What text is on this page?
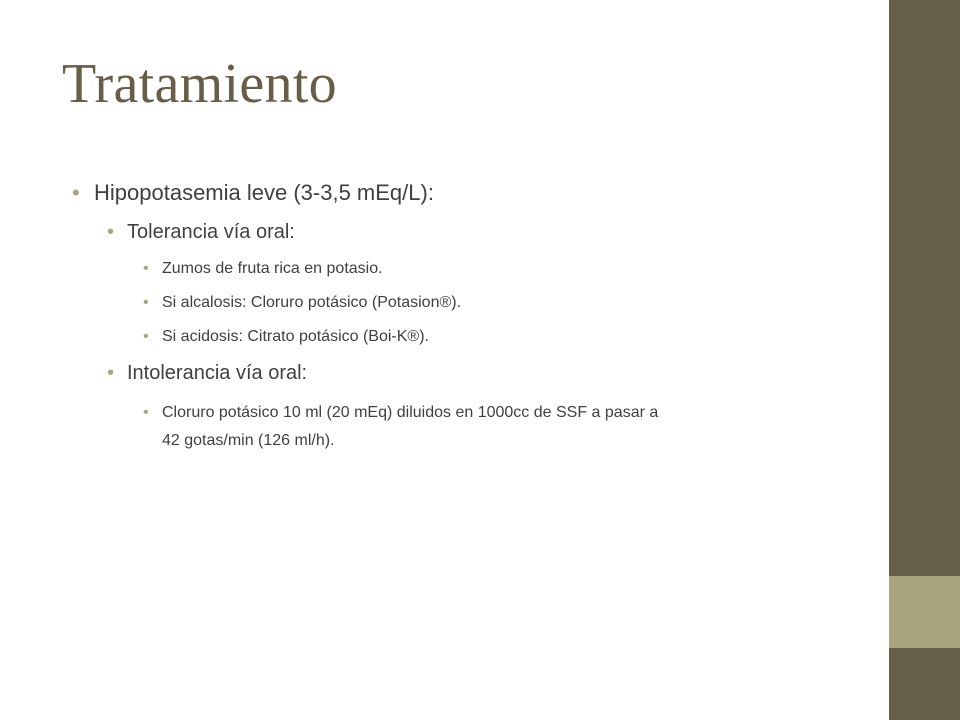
Tratamiento
• Hipopotasemia leve (3-3,5 mEq/L):
• Tolerancia vía oral:
• Zumos de fruta rica en potasio.
• Si alcalosis: Cloruro potásico (Potasion®).
• Si acidosis: Citrato potásico (Boi-K®).
• Intolerancia vía oral:
• Cloruro potásico 10 ml (20 mEq) diluidos en 1000cc de SSF a pasar a
42 gotas/min (126 ml/h).
